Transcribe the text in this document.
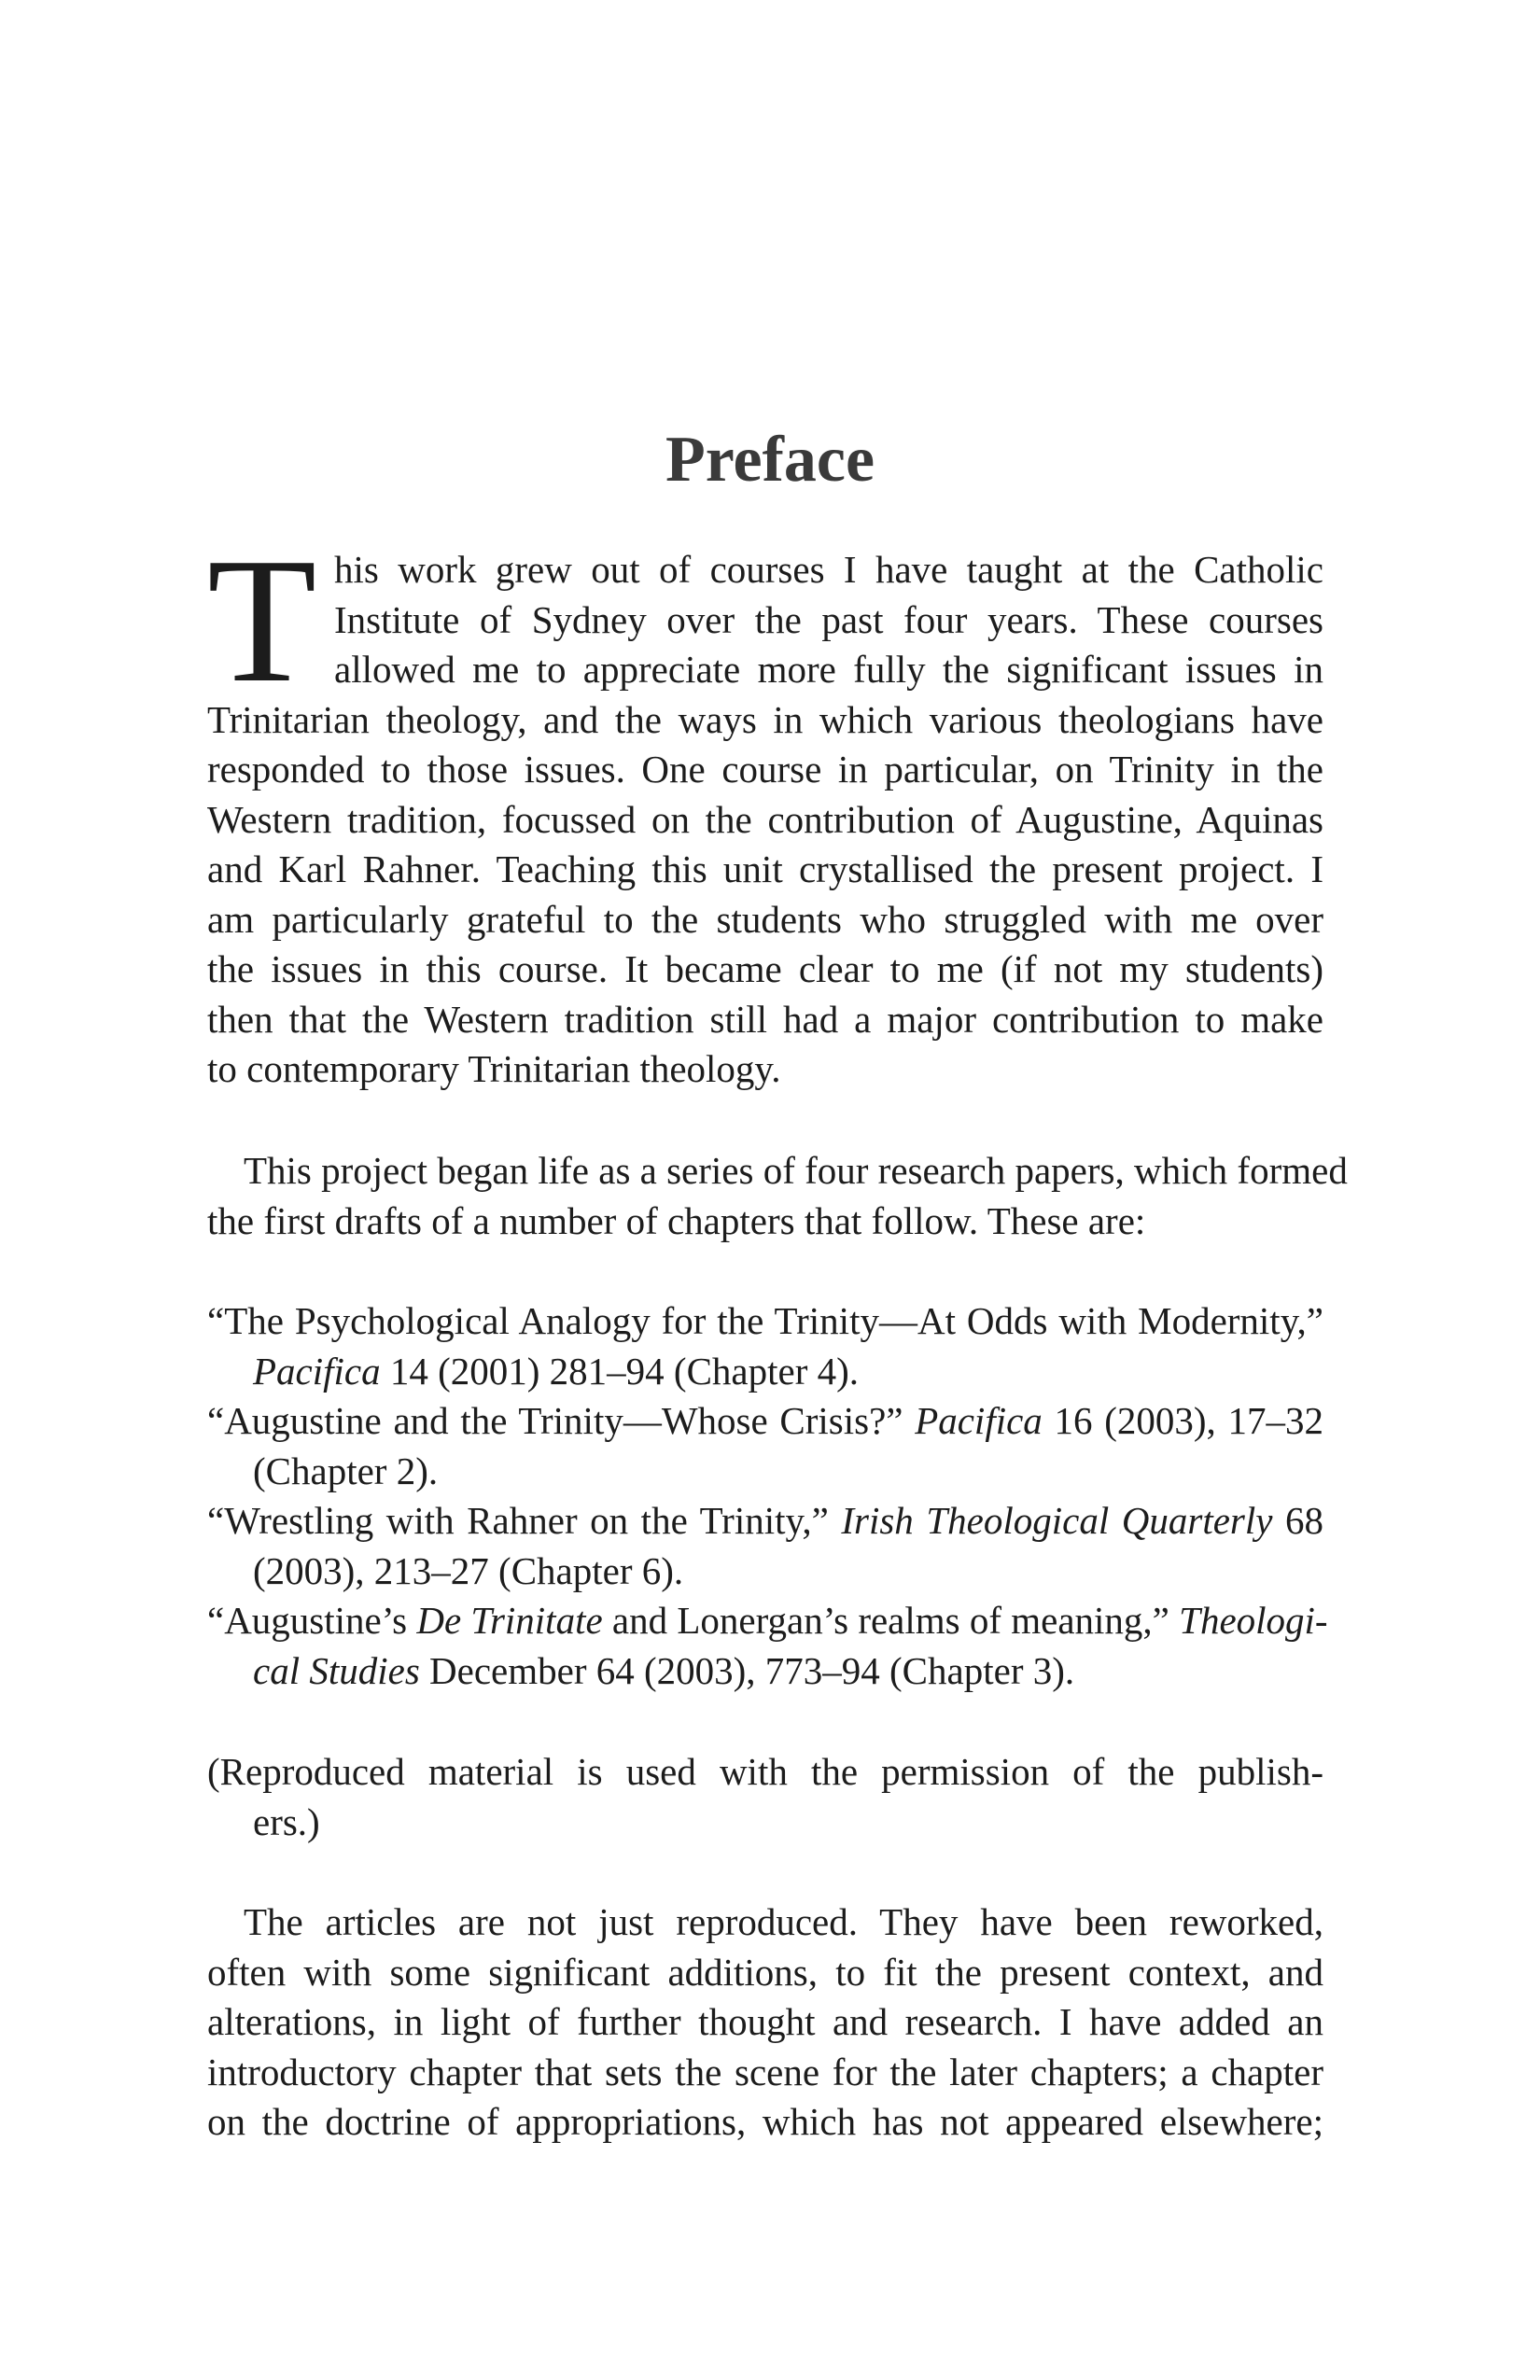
Preface
T his work grew out of courses I have taught at the Catholic
Institute of Sydney over the past four years. These courses
allowed me to appreciate more fully the significant issues in
Trinitarian theology, and the ways in which various theologians have
responded to those issues. One course in particular, on Trinity in the
Western tradition, focussed on the contribution of Augustine, Aquinas
and Karl Rahner. Teaching this unit crystallised the present project. I
am particularly grateful to the students who struggled with me over
the issues in this course. It became clear to me (if not my students)
then that the Western tradition still had a major contribution to make
to contemporary Trinitarian theology.
This project began life as a series of four research papers, which formed
the first drafts of a number of chapters that follow. These are:
“The Psychological Analogy for the Trinity—At Odds with Modernity,”
Pacifica 14 (2001) 281–94 (Chapter 4).
“Augustine and the Trinity—Whose Crisis?” Pacifica 16 (2003), 17–32
(Chapter 2).
“Wrestling with Rahner on the Trinity,” Irish Theological Quarterly 68
(2003), 213–27 (Chapter 6).
“Augustine’s De Trinitate and Lonergan’s realms of meaning,” Theologi-
cal Studies December 64 (2003), 773–94 (Chapter 3).
(Reproduced material is used with the permission of the publish-
ers.)
The articles are not just reproduced. They have been reworked,
often with some significant additions, to fit the present context, and
alterations, in light of further thought and research. I have added an
introductory chapter that sets the scene for the later chapters; a chapter
on the doctrine of appropriations, which has not appeared elsewhere;
